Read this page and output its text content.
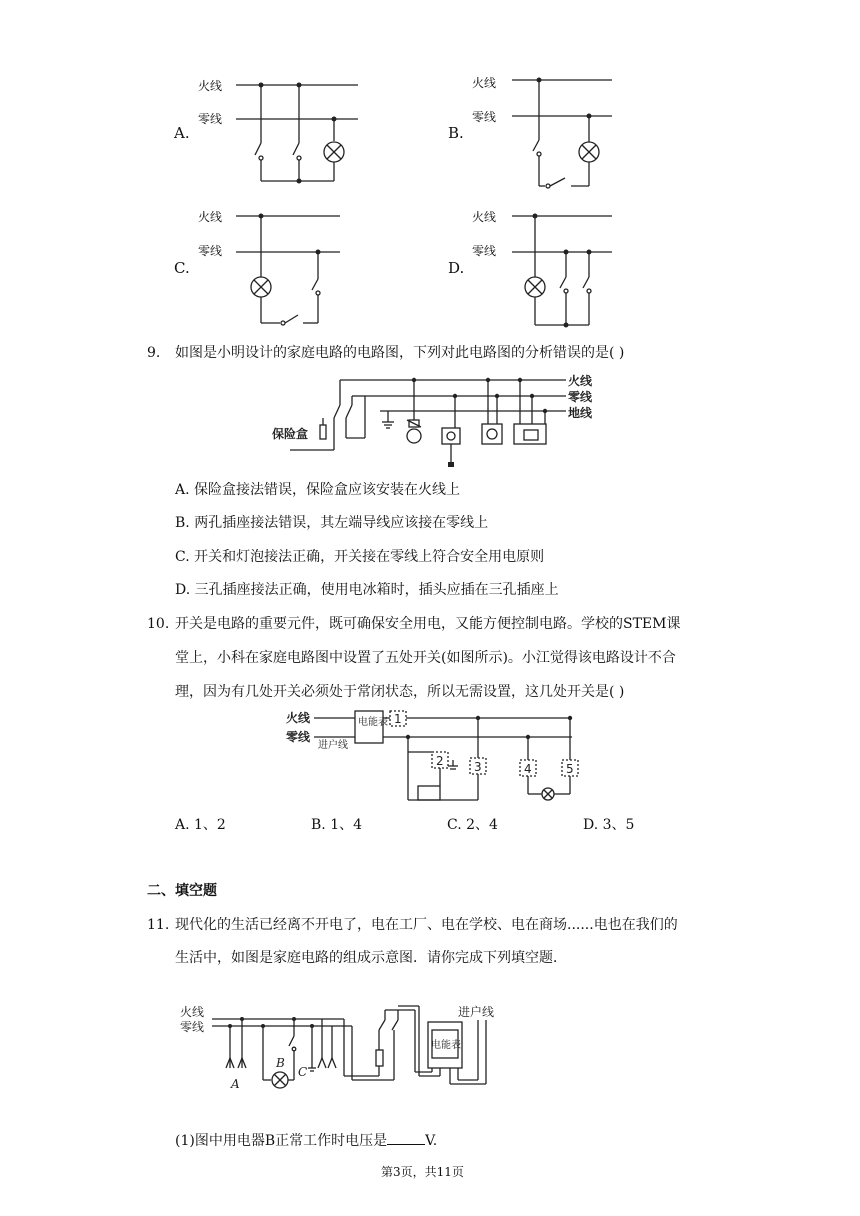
A.	B.
C.	D.
火线
零线
火线
零线
火线
零线
火线
零线
9. 如图是小明设计的家庭电路的电路图，下列对此电路图的分析错误的是( )
火线
零线
地线
保险盒
A. 保险盒接法错误，保险盒应该安装在火线上
B. 两孔插座接法错误，其左端导线应该接在零线上
C. 开关和灯泡接法正确，开关接在零线上符合安全用电原则
D. 三孔插座接法正确，使用电冰箱时，插头应插在三孔插座上
10. 开关是电路的重要元件，既可确保安全用电，又能方便控制电路。学校的STEM课
堂上，小科在家庭电路图中设置了五处开关(如图所示)。小江觉得该电路设计不合
理，因为有几处开关必须处于常闭状态，所以无需设置，这几处开关是( )
火线
零线
进户线
电能表 1
2	3	4	5
A. 1、2	B. 1、4	C. 2、4	D. 3、5
二、填空题
11. 现代化的生活已经离不开电了，电在工厂、电在学校、电在商场......电也在我们的
生活中，如图是家庭电路的组成示意图．请你完成下列填空题．
火线
零线
进户线
A
B
C
电能表
(1)图中用电器B正常工作时电压是	V.
第3页，共11页
